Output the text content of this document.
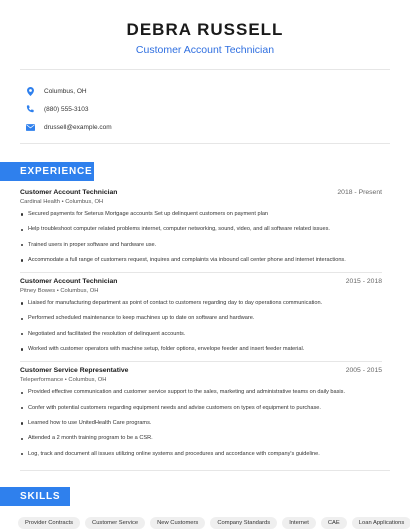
DEBRA RUSSELL
Customer Account Technician
Columbus, OH
(880) 555-3103
drussell@example.com
EXPERIENCE
Customer Account Technician	2018 - Present
Cardinal Health • Columbus, OH
Secured payments for Seterus Mortgage accounts Set up delinquent customers on payment plan
Help troubleshoot computer related problems internet, computer networking, sound, video, and all software related issues.
Trained users in proper software and hardware use.
Accommodate a full range of customers request, inquires and complaints via inbound call center phone and internet interactions.
Customer Account Technician	2015 - 2018
Pitney Bowes • Columbus, OH
Liaised for manufacturing department as point of contact to customers regarding day to day operations communication.
Performed scheduled maintenance to keep machines up to date on software and hardware.
Negotiated and facilitated the resolution of delinquent accounts.
Worked with customer operators with machine setup, folder options, envelope feeder and insert feeder material.
Customer Service Representative	2005 - 2015
Teleperformance • Columbus, OH
Provided effective communication and customer service support to the sales, marketing and administrative teams on daily basis.
Confer with potential customers regarding equipment needs and advise customers on types of equipment to purchase.
Learned how to use UnitedHealth Care programs.
Attended a 2 month training program to be a CSR.
Log, track and document all issues utilizing online systems and procedures and accordance with company's guideline.
SKILLS
Provider Contracts	Customer Service	New Customers	Company Standards	Internet	CAE	Loan Applications
